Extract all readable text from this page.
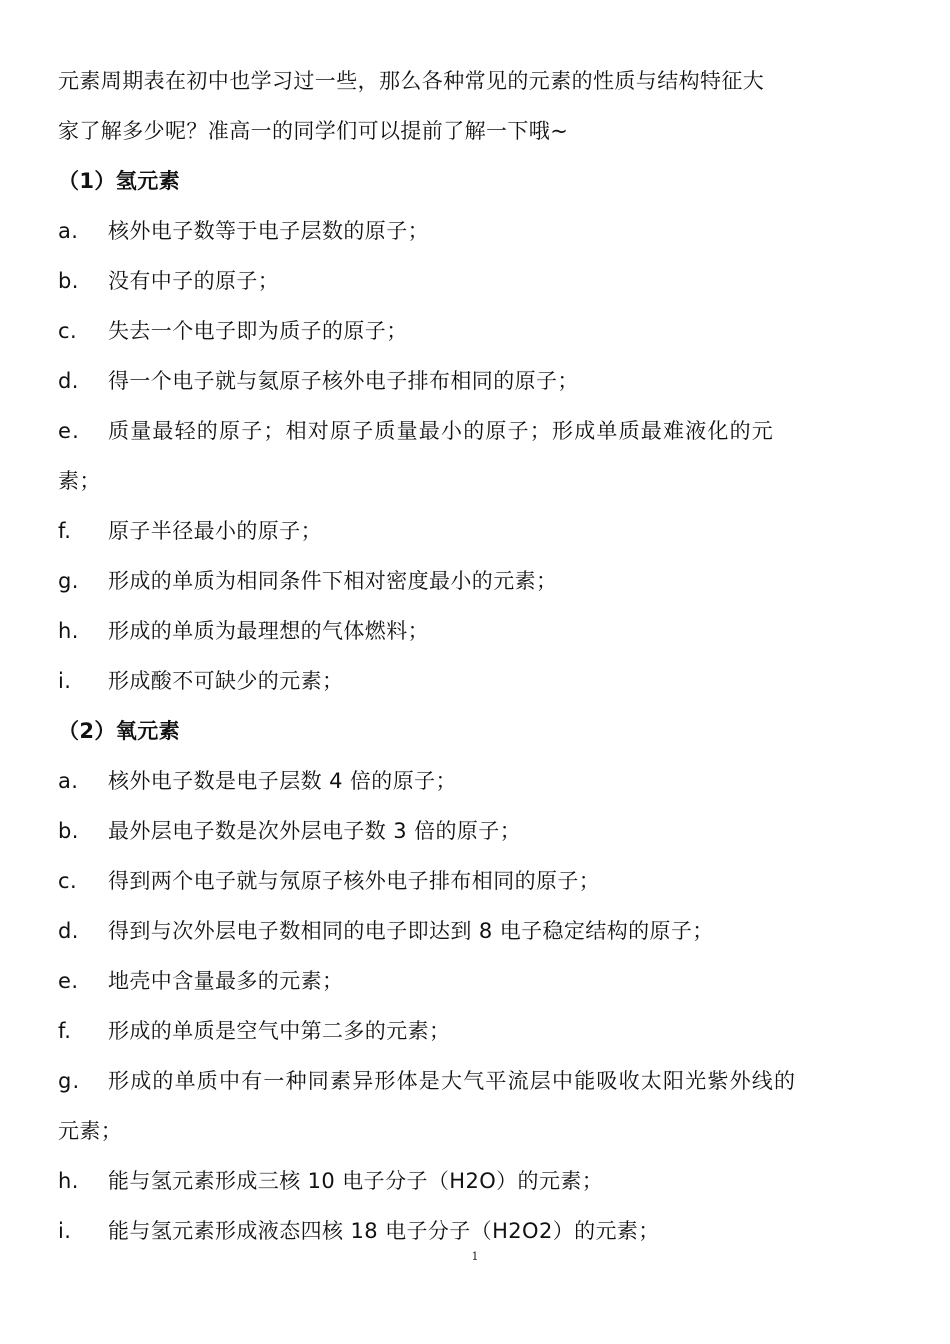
元素周期表在初中也学习过一些，那么各种常见的元素的性质与结构特征大
家了解多少呢？准高一的同学们可以提前了解一下哦~
（1）氢元素
a. 核外电子数等于电子层数的原子；
b. 没有中子的原子；
c. 失去一个电子即为质子的原子；
d. 得一个电子就与氦原子核外电子排布相同的原子；
e. 质量最轻的原子；相对原子质量最小的原子；形成单质最难液化的元
素；
f. 原子半径最小的原子；
g. 形成的单质为相同条件下相对密度最小的元素；
h. 形成的单质为最理想的气体燃料；
i. 形成酸不可缺少的元素；
（2）氧元素
a. 核外电子数是电子层数 4 倍的原子；
b. 最外层电子数是次外层电子数 3 倍的原子；
c. 得到两个电子就与氖原子核外电子排布相同的原子；
d. 得到与次外层电子数相同的电子即达到 8 电子稳定结构的原子；
e. 地壳中含量最多的元素；
f. 形成的单质是空气中第二多的元素；
g. 形成的单质中有一种同素异形体是大气平流层中能吸收太阳光紫外线的
元素；
h. 能与氢元素形成三核 10 电子分子（H2O）的元素；
i. 能与氢元素形成液态四核 18 电子分子（H2O2）的元素；
1
